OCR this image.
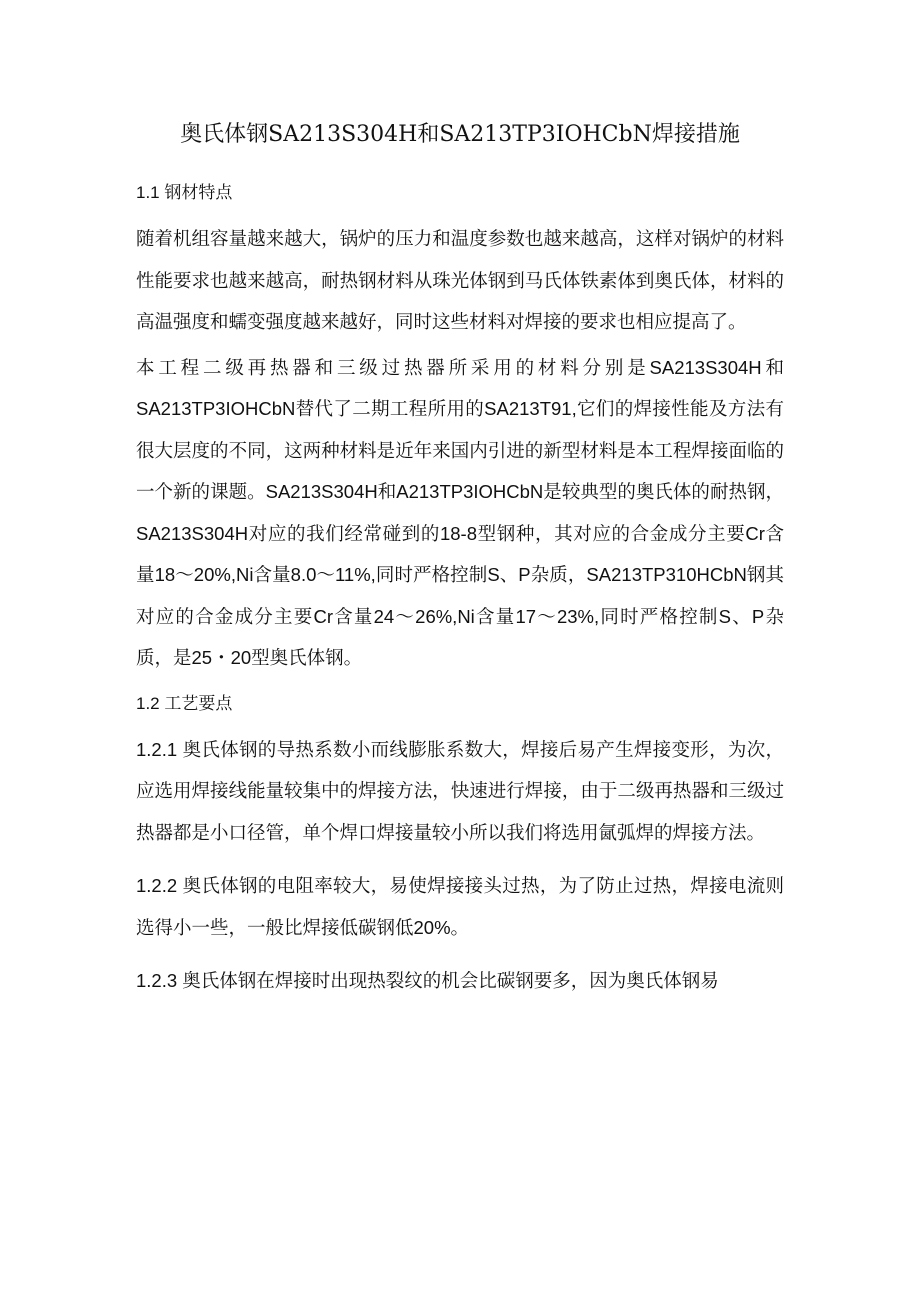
奥氏体钢SA213S304H和SA213TP3IOHCbN焊接措施
1.1 钢材特点

随着机组容量越来越大，锅炉的压力和温度参数也越来越高，这样对锅炉的材料性能要求也越来越高，耐热钢材料从珠光体钢到马氏体铁素体到奥氏体，材料的高温强度和蠕变强度越来越好，同时这些材料对焊接的要求也相应提高了。

本工程二级再热器和三级过热器所采用的材料分别是SA213S304H和SA213TP3IOHCbN替代了二期工程所用的SA213T91,它们的焊接性能及方法有很大层度的不同，这两种材料是近年来国内引进的新型材料是本工程焊接面临的一个新的课题。SA213S304H和A213TP3IOHCbN是较典型的奥氏体的耐热钢，SA213S304H对应的我们经常碰到的18-8型钢种，其对应的合金成分主要Cr含量18～20%,Ni含量8.0～11%,同时严格控制S、P杂质，SA213TP310HCbN钢其对应的合金成分主要Cr含量24～26%,Ni含量17～23%,同时严格控制S、P杂质，是25・20型奥氏体钢。

1.2 工艺要点

1.2.1 奥氏体钢的导热系数小而线膨胀系数大，焊接后易产生焊接变形，为次，应选用焊接线能量较集中的焊接方法，快速进行焊接，由于二级再热器和三级过热器都是小口径管，单个焊口焊接量较小所以我们将选用氤弧焊的焊接方法。

1.2.2 奥氏体钢的电阻率较大，易使焊接接头过热，为了防止过热，焊接电流则选得小一些，一般比焊接低碳钢低20%。

1.2.3 奥氏体钢在焊接时出现热裂纹的机会比碳钢要多，因为奥氏体钢易
